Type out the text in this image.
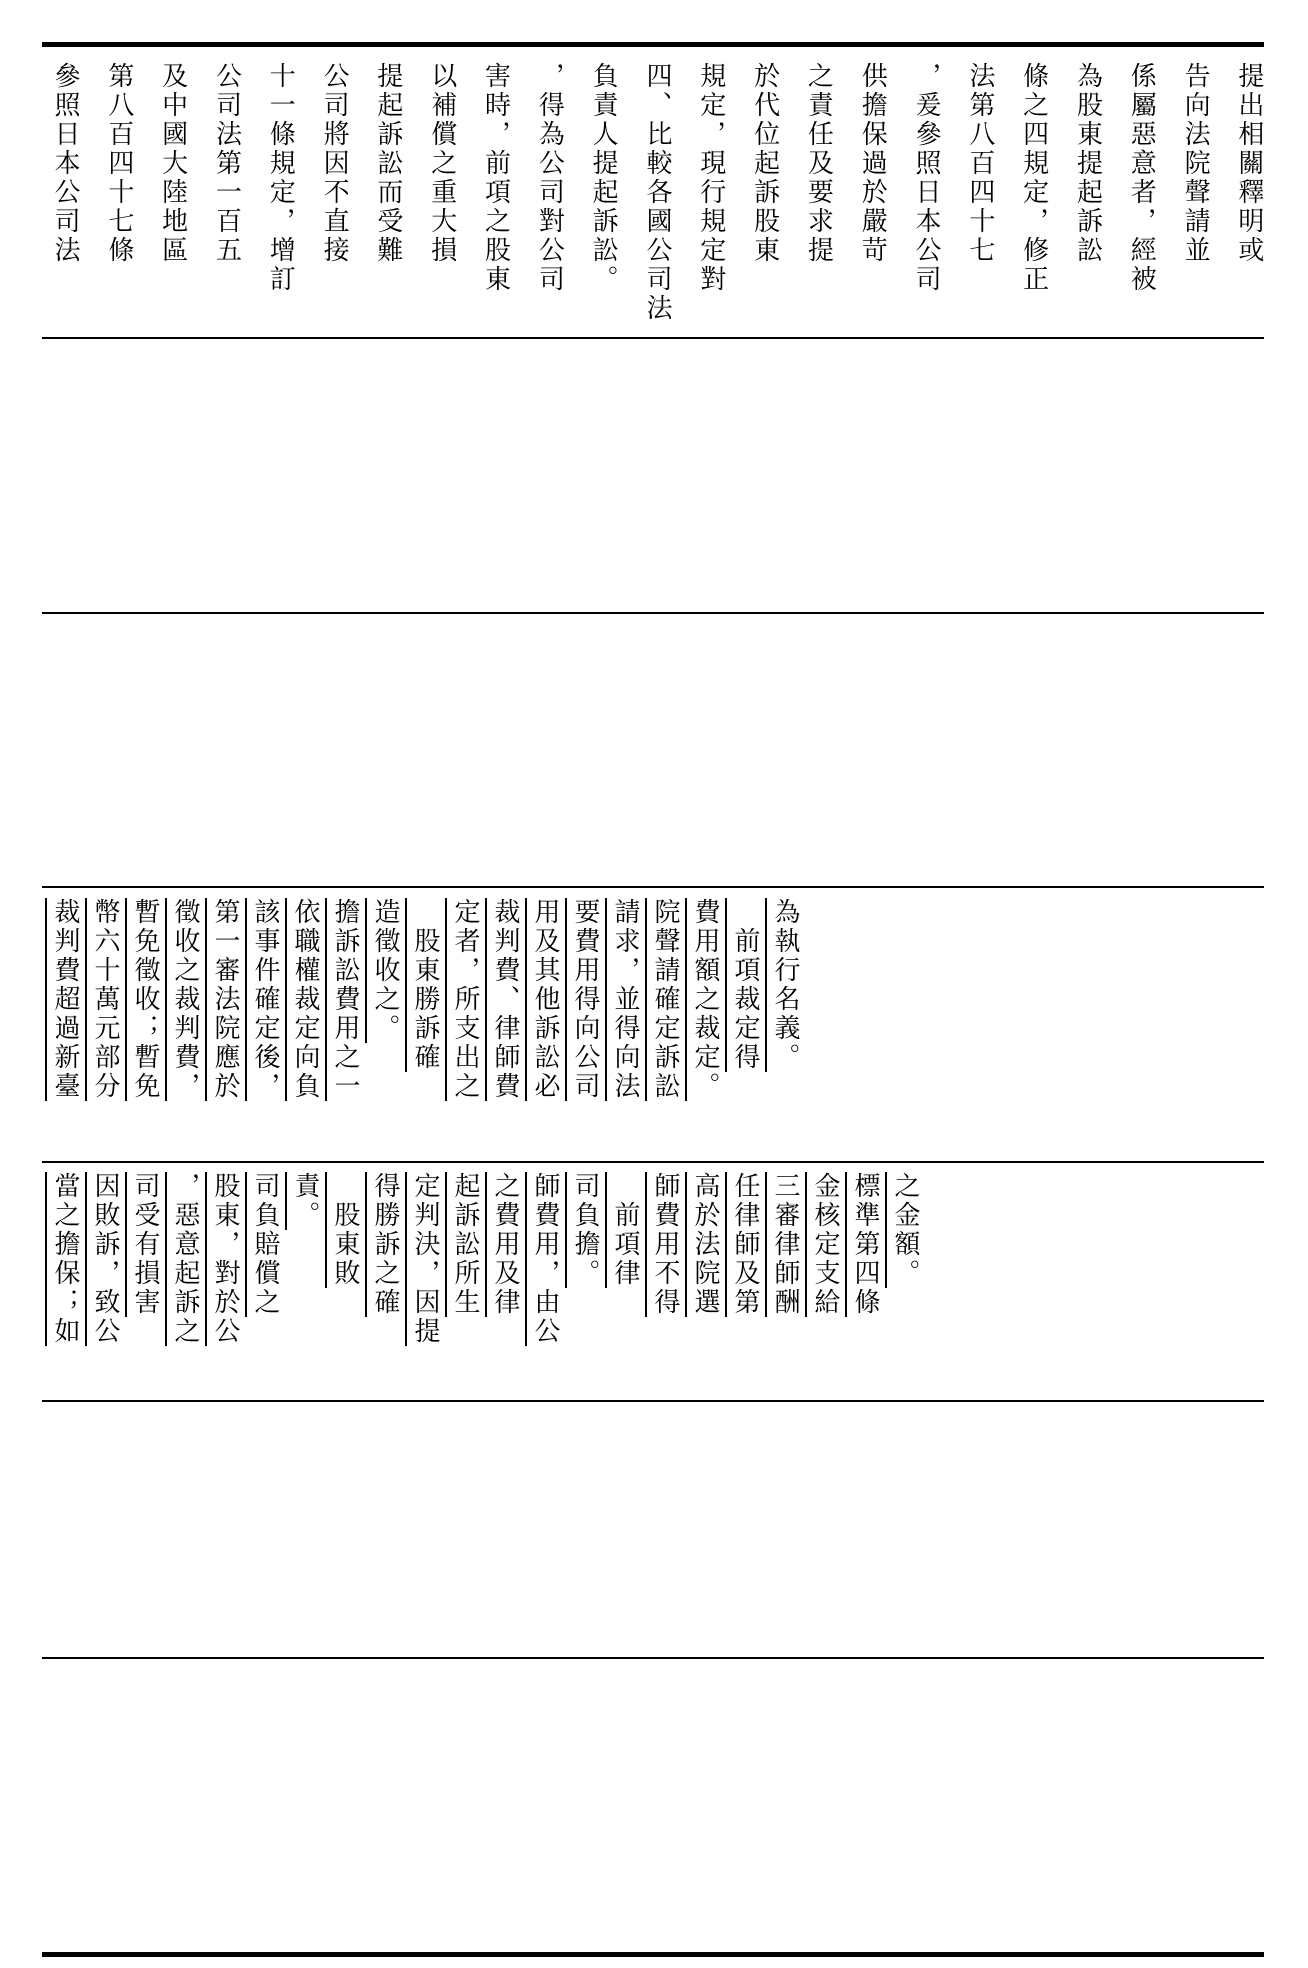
參照日本公司法 第八百四十七條 及中國大陸地區 公司法第一百五 十一條規定，增訂 公司將因不直接 提起訴訟而受難 以補償之重大損 害時，前項之股東 ，得為公司對公司 負責人提起訴訟。 四、比較各國公司法 規定，現行規定對 於代位起訴股東 之責任及要求提 供擔保過於嚴苛 ，爰參照日本公司 法第八百四十七 條之四規定，修正 為股東提起訴訟 係屬惡意者，經被 告向法院聲請並 提出相關釋明或
當之擔保；如 因敗訴，致公 司受有損害 ，惡意起訴之 股東，對於公 司負賠償之 責。 　股東敗 得勝訴之確 定判決，因提 起訴訟所生 之費用及律 師費用，由公 司負擔。 　前項律 師費用不得 高於法院選 任律師及第 三審律師酬 金核定支給 標準第四條 之金額。
裁判費超過新臺 幣六十萬元部分 暫免徵收；暫免 徵收之裁判費， 第一審法院應於 該事件確定後， 依職權裁定向負 擔訴訟費用之一 造徵收之。 　股東勝訴確 定者，所支出之 裁判費、律師費 用及其他訴訟必 要費用得向公司 請求，並得向法 院聲請確定訴訟 費用額之裁定。 　前項裁定得 為執行名義。
